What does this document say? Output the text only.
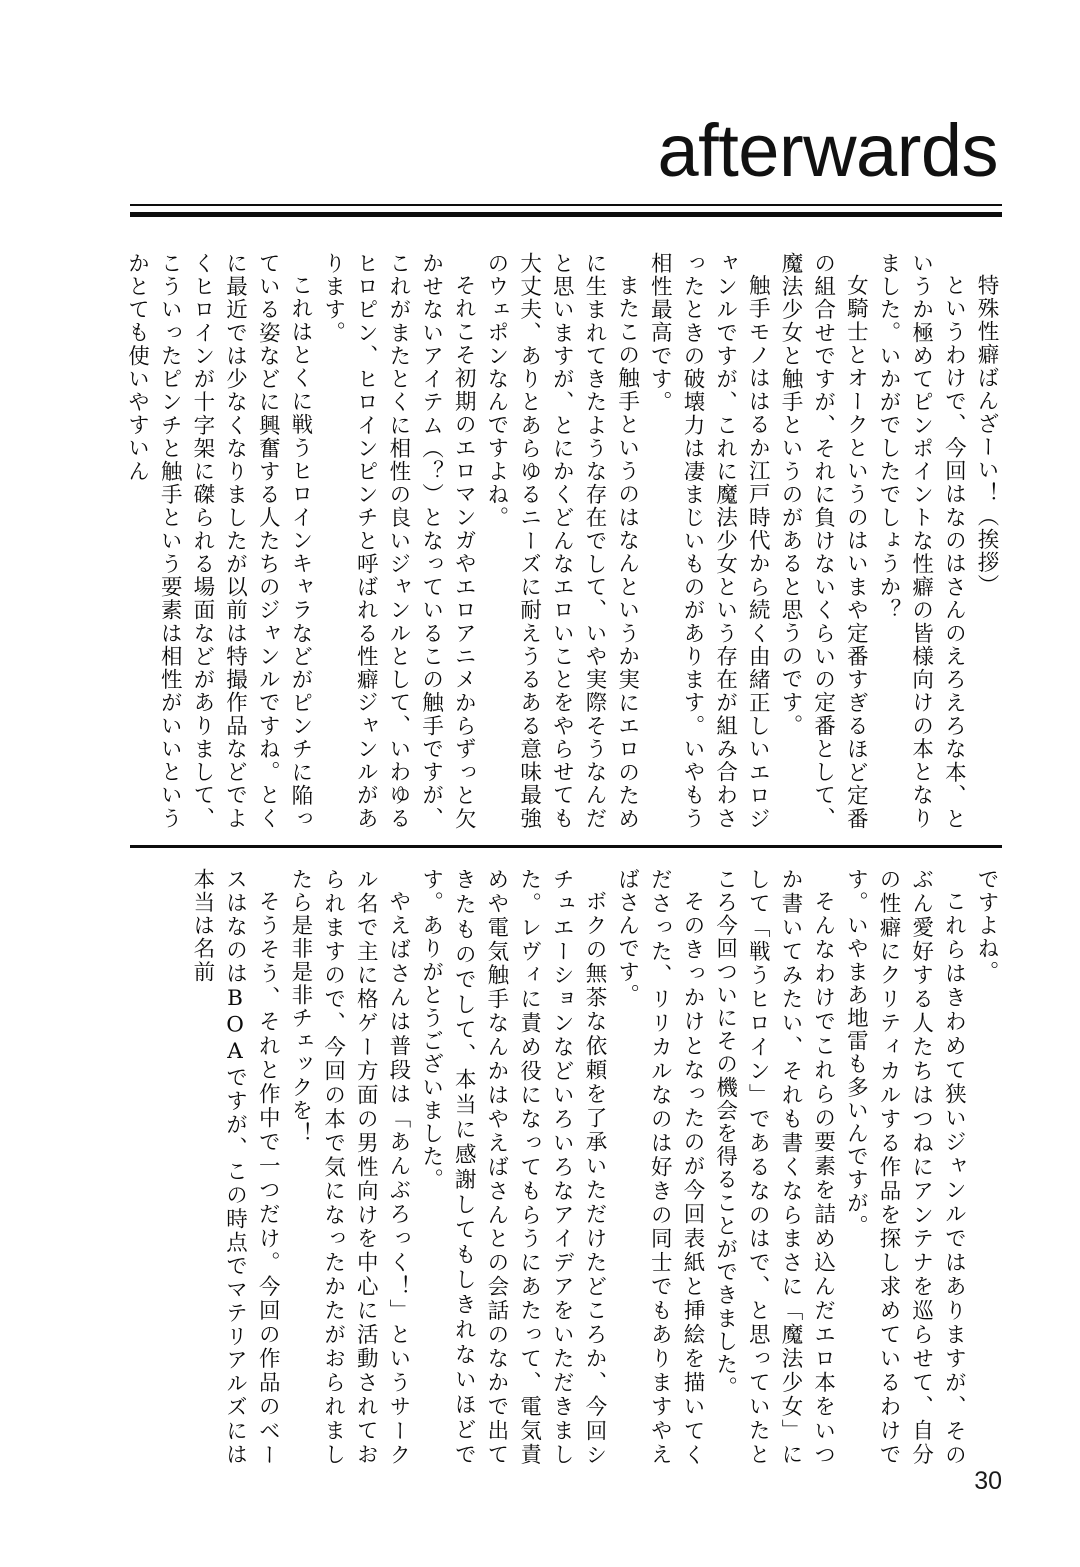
afterwards

特殊性癖ばんざーい！（挨拶）

というわけで、今回はなのはさんのえろえろな本、というか極めてピンポイントな性癖の皆様向けの本となりました。いかがでしたでしょうか？

女騎士とオークというのはいまや定番すぎるほど定番の組合せですが、それに負けないくらいの定番として、魔法少女と触手というのがあると思うのです。

触手モノははるか江戸時代から続く由緒正しいエロジャンルですが、これに魔法少女という存在が組み合わさったときの破壊力は凄まじいものがあります。いやもう相性最高です。

またこの触手というのはなんというか実にエロのために生まれてきたような存在でして、いや実際そうなんだと思いますが、とにかくどんなエロいことをやらせても大丈夫、ありとあらゆるニーズに耐えうるある意味最強のウェポンなんですよね。

それこそ初期のエロマンガやエロアニメからずっと欠かせないアイテム（？）となっているこの触手ですが、これがまたとくに相性の良いジャンルとして、いわゆるヒロピン、ヒロインピンチと呼ばれる性癖ジャンルがあります。

これはとくに戦うヒロインキャラなどがピンチに陥っている姿などに興奮する人たちのジャンルですね。とくに最近では少なくなりましたが以前は特撮作品などでよくヒロインが十字架に磔られる場面などがありまして、こういったピンチと触手という要素は相性がいいというかとても使いやすいん

ですよね。

これらはきわめて狭いジャンルではありますが、そのぶん愛好する人たちはつねにアンテナを巡らせて、自分の性癖にクリティカルする作品を探し求めているわけです。いやまあ地雷も多いんですが。

そんなわけでこれらの要素を詰め込んだエロ本をいつか書いてみたい、それも書くならまさに「魔法少女」にして「戦うヒロイン」であるなのはで、と思っていたところ今回ついにその機会を得ることができました。

そのきっかけとなったのが今回表紙と挿絵を描いてくださった、リリカルなのは好きの同士でもありますやえばさんです。

ボクの無茶な依頼を了承いただけたどころか、今回シチュエーションなどいろいろなアイデアをいただきました。レヴィに責め役になってもらうにあたって、電気責めや電気触手なんかはやえばさんとの会話のなかで出てきたものでして、本当に感謝してもしきれないほどです。ありがとうございました。

やえばさんは普段は「あんぶろっく！」というサークル名で主に格ゲー方面の男性向けを中心に活動されておられますので、今回の本で気になったかたがおられましたら是非是非チェックを！

そうそう、それと作中で一つだけ。今回の作品のベースはなのはBOAですが、この時点でマテリアルズには本当は名前

30
